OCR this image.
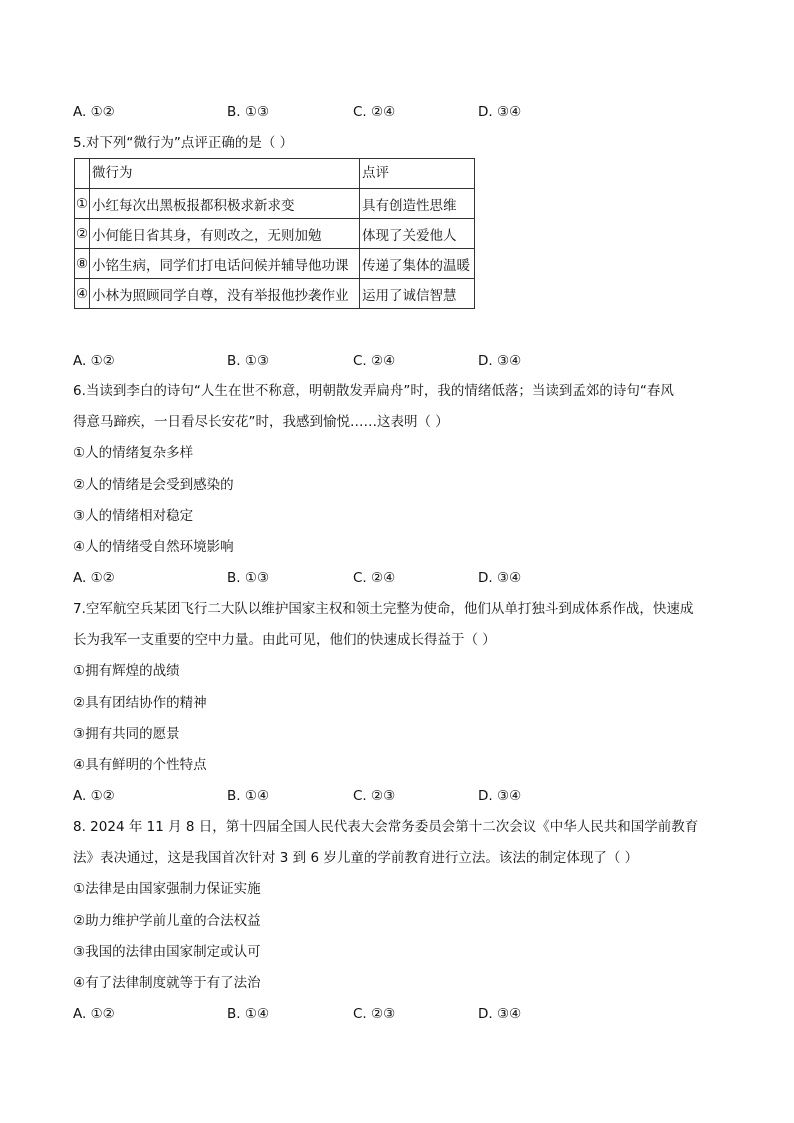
A. ①②	B. ①③	C. ②④	D. ③④
5.对下列“微行为”点评正确的是（ ）
	微行为	点评
①	小红每次出黑板报都积极求新求变	具有创造性思维
②	小何能日省其身，有则改之，无则加勉	体现了关爱他人
⑧	小铭生病，同学们打电话问候并辅导他功课	传递了集体的温暖
④	小林为照顾同学自尊，没有举报他抄袭作业	运用了诚信智慧
A. ①②	B. ①③	C. ②④	D. ③④
6.当读到李白的诗句“人生在世不称意，明朝散发弄扁舟”时，我的情绪低落；当读到孟郊的诗句“春风
得意马蹄疾，一日看尽长安花”时，我感到愉悦……这表明（ ）
①人的情绪复杂多样
②人的情绪是会受到感染的
③人的情绪相对稳定
④人的情绪受自然环境影响
A. ①②	B. ①③	C. ②④	D. ③④
7.空军航空兵某团飞行二大队以维护国家主权和领土完整为使命，他们从单打独斗到成体系作战，快速成
长为我军一支重要的空中力量。由此可见，他们的快速成长得益于（ ）
①拥有辉煌的战绩
②具有团结协作的精神
③拥有共同的愿景
④具有鲜明的个性特点
A. ①②	B. ①④	C. ②③	D. ③④
8. 2024 年 11 月 8 日，第十四届全国人民代表大会常务委员会第十二次会议《中华人民共和国学前教育
法》表决通过，这是我国首次针对 3 到 6 岁儿童的学前教育进行立法。该法的制定体现了（ ）
①法律是由国家强制力保证实施
②助力维护学前儿童的合法权益
③我国的法律由国家制定或认可
④有了法律制度就等于有了法治
A. ①②	B. ①④	C. ②③	D. ③④
